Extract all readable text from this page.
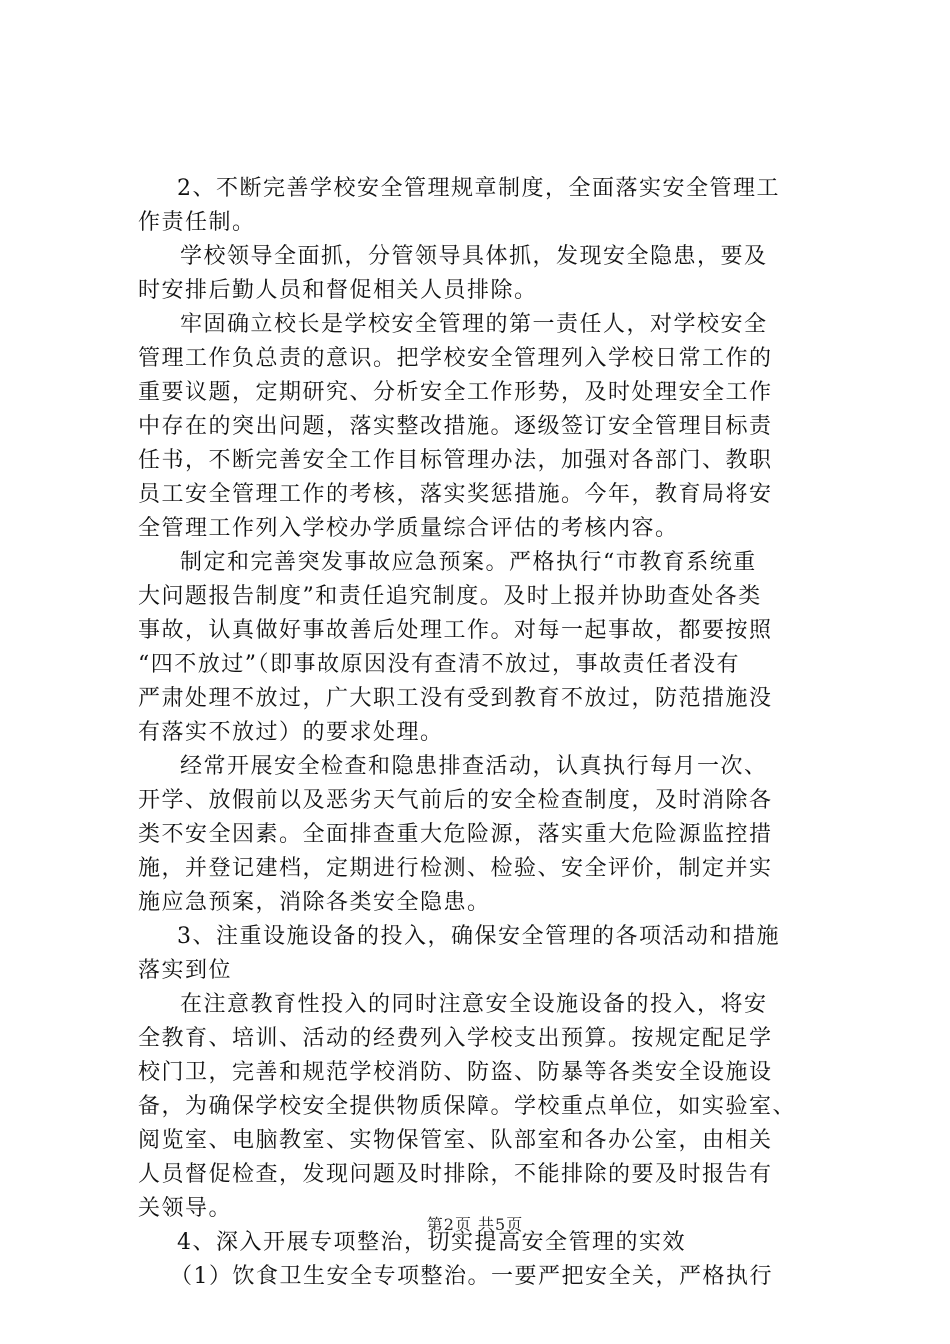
2、不断完善学校安全管理规章制度，全面落实安全管理工
作责任制。
学校领导全面抓，分管领导具体抓，发现安全隐患，要及
时安排后勤人员和督促相关人员排除。
牢固确立校长是学校安全管理的第一责任人，对学校安全
管理工作负总责的意识。把学校安全管理列入学校日常工作的
重要议题，定期研究、分析安全工作形势，及时处理安全工作
中存在的突出问题，落实整改措施。逐级签订安全管理目标责
任书，不断完善安全工作目标管理办法，加强对各部门、教职
员工安全管理工作的考核，落实奖惩措施。今年，教育局将安
全管理工作列入学校办学质量综合评估的考核内容。
制定和完善突发事故应急预案。严格执行“市教育系统重
大问题报告制度”和责任追究制度。及时上报并协助查处各类
事故，认真做好事故善后处理工作。对每一起事故，都要按照
“四不放过”（即事故原因没有查清不放过，事故责任者没有
严肃处理不放过，广大职工没有受到教育不放过，防范措施没
有落实不放过）的要求处理。
经常开展安全检查和隐患排查活动，认真执行每月一次、
开学、放假前以及恶劣天气前后的安全检查制度，及时消除各
类不安全因素。全面排查重大危险源，落实重大危险源监控措
施，并登记建档，定期进行检测、检验、安全评价，制定并实
施应急预案，消除各类安全隐患。
3、注重设施设备的投入，确保安全管理的各项活动和措施
落实到位
在注意教育性投入的同时注意安全设施设备的投入，将安
全教育、培训、活动的经费列入学校支出预算。按规定配足学
校门卫，完善和规范学校消防、防盗、防暴等各类安全设施设
备，为确保学校安全提供物质保障。学校重点单位，如实验室、
阅览室、电脑教室、实物保管室、队部室和各办公室，由相关
人员督促检查，发现问题及时排除，不能排除的要及时报告有
关领导。
4、深入开展专项整治，切实提高安全管理的实效
（1）饮食卫生安全专项整治。一要严把安全关，严格执行
第2页 共5页
